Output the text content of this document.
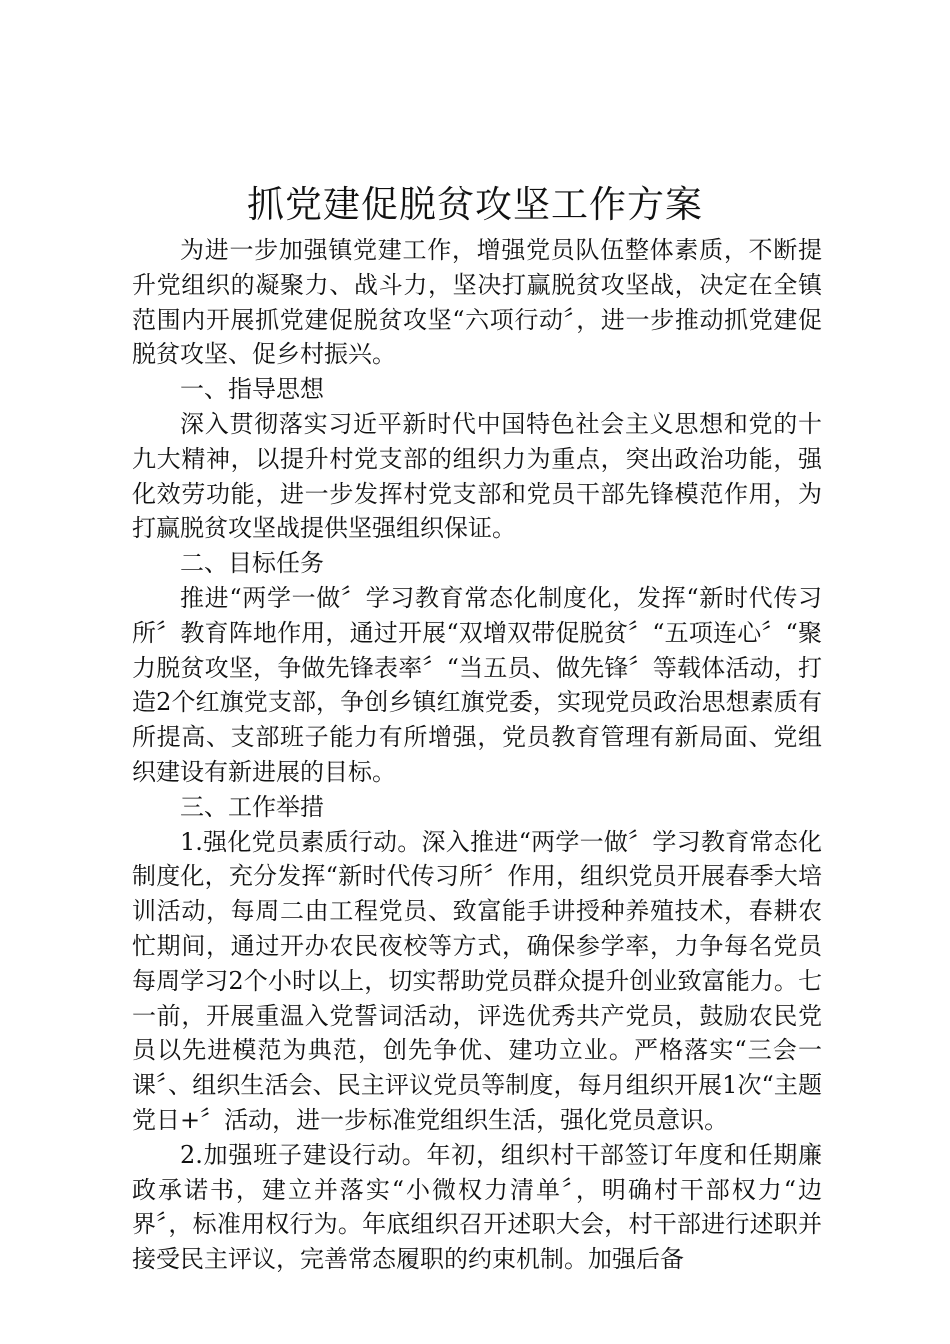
抓党建促脱贫攻坚工作方案

为进一步加强镇党建工作，增强党员队伍整体素质，不断提升党组织的凝聚力、战斗力，坚决打赢脱贫攻坚战，决定在全镇范围内开展抓党建促脱贫攻坚“六项行动〞，进一步推动抓党建促脱贫攻坚、促乡村振兴。

一、指导思想

深入贯彻落实习近平新时代中国特色社会主义思想和党的十九大精神，以提升村党支部的组织力为重点，突出政治功能，强化效劳功能，进一步发挥村党支部和党员干部先锋模范作用，为打赢脱贫攻坚战提供坚强组织保证。

二、目标任务

推进“两学一做〞学习教育常态化制度化，发挥“新时代传习所〞教育阵地作用，通过开展“双增双带促脱贫〞“五项连心〞“聚力脱贫攻坚，争做先锋表率〞“当五员、做先锋〞等载体活动，打造2个红旗党支部，争创乡镇红旗党委，实现党员政治思想素质有所提高、支部班子能力有所增强，党员教育管理有新局面、党组织建设有新进展的目标。

三、工作举措

1.强化党员素质行动。深入推进“两学一做〞学习教育常态化制度化，充分发挥“新时代传习所〞作用，组织党员开展春季大培训活动，每周二由工程党员、致富能手讲授种养殖技术，春耕农忙期间，通过开办农民夜校等方式，确保参学率，力争每名党员每周学习2个小时以上，切实帮助党员群众提升创业致富能力。七一前，开展重温入党誓词活动，评选优秀共产党员，鼓励农民党员以先进模范为典范，创先争优、建功立业。严格落实“三会一课〞、组织生活会、民主评议党员等制度，每月组织开展1次“主题党日+〞活动，进一步标准党组织生活，强化党员意识。

2.加强班子建设行动。年初，组织村干部签订年度和任期廉政承诺书，建立并落实“小微权力清单〞，明确村干部权力“边界〞，标准用权行为。年底组织召开述职大会，村干部进行述职并接受民主评议，完善常态履职的约束机制。加强后备
